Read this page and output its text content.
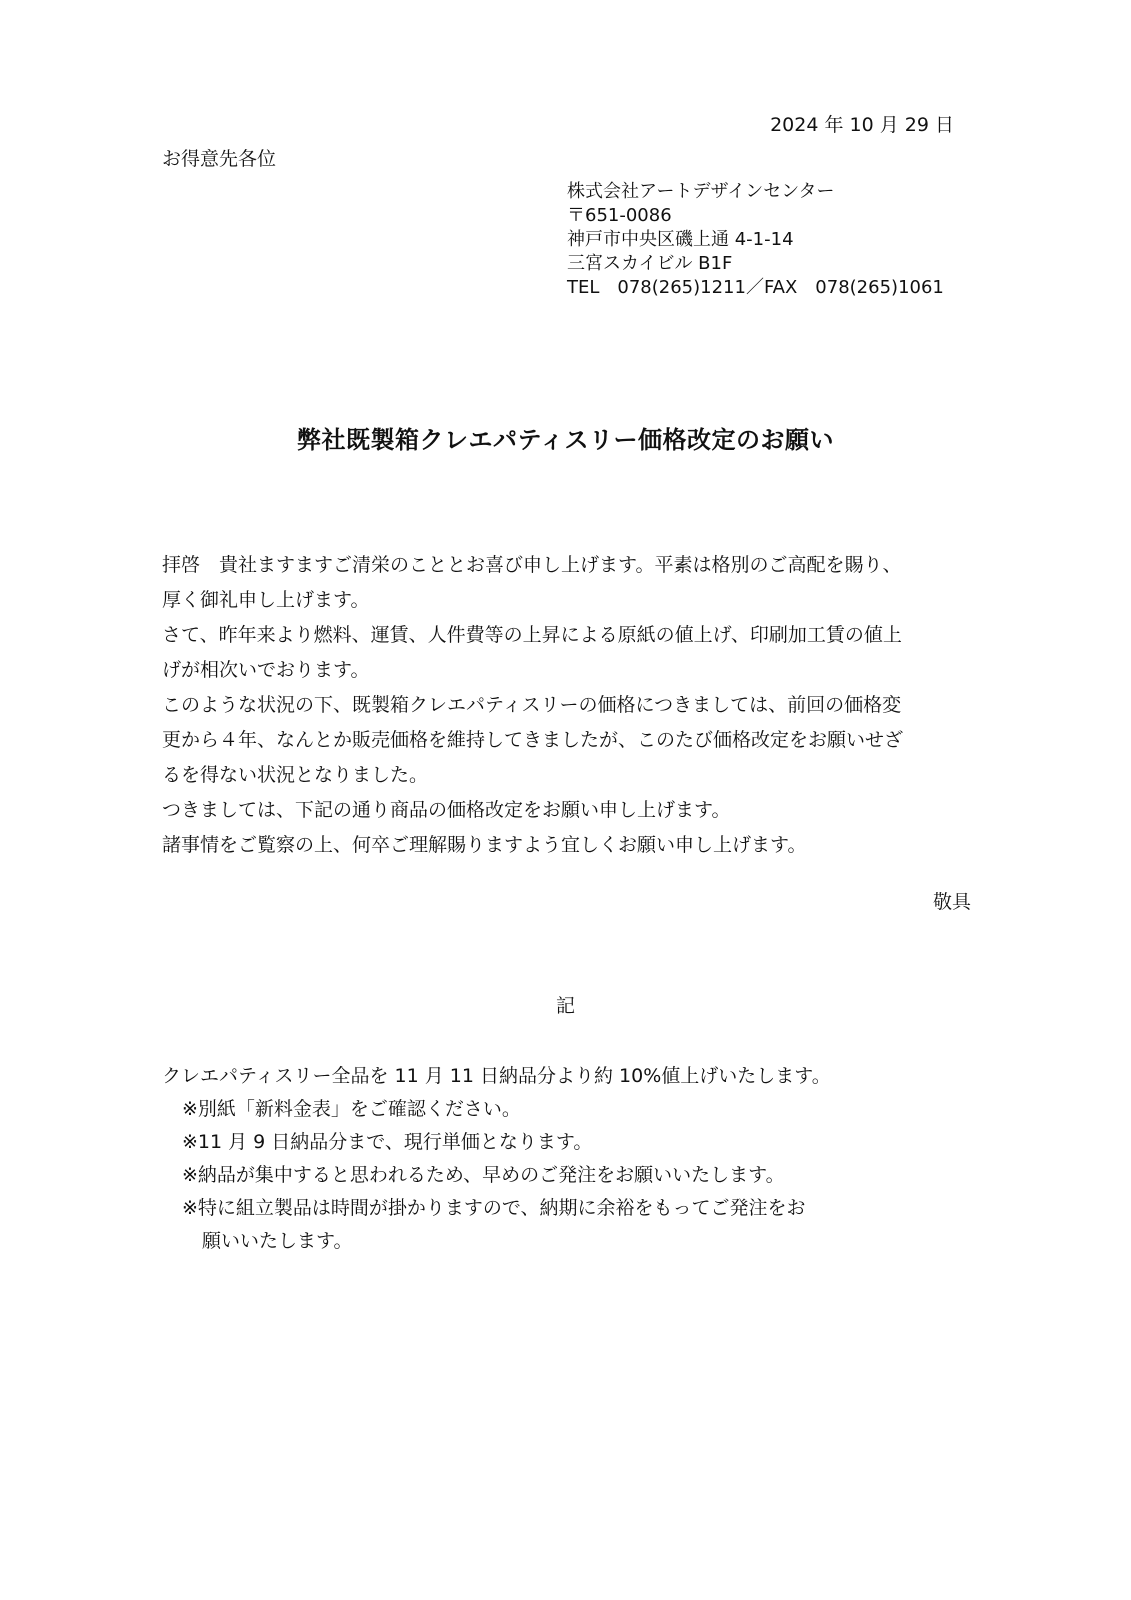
2024 年 10 月 29 日
お得意先各位
株式会社アートデザインセンター
〒651-0086
神戸市中央区磯上通 4-1-14
三宮スカイビル B1F
TEL　078(265)1211／FAX　078(265)1061
弊社既製箱クレエパティスリー価格改定のお願い
拝啓　貴社ますますご清栄のこととお喜び申し上げます。平素は格別のご高配を賜り、
厚く御礼申し上げます。
さて、昨年来より燃料、運賃、人件費等の上昇による原紙の値上げ、印刷加工賃の値上
げが相次いでおります。
このような状況の下、既製箱クレエパティスリーの価格につきましては、前回の価格変
更から４年、なんとか販売価格を維持してきましたが、このたび価格改定をお願いせざ
るを得ない状況となりました。
つきましては、下記の通り商品の価格改定をお願い申し上げます。
諸事情をご覧察の上、何卒ご理解賜りますよう宜しくお願い申し上げます。
敬具
記
クレエパティスリー全品を 11 月 11 日納品分より約 10%値上げいたします。
※別紙「新料金表」をご確認ください。
※11 月 9 日納品分まで、現行単価となります。
※納品が集中すると思われるため、早めのご発注をお願いいたします。
※特に組立製品は時間が掛かりますので、納期に余裕をもってご発注をお
願いいたします。
